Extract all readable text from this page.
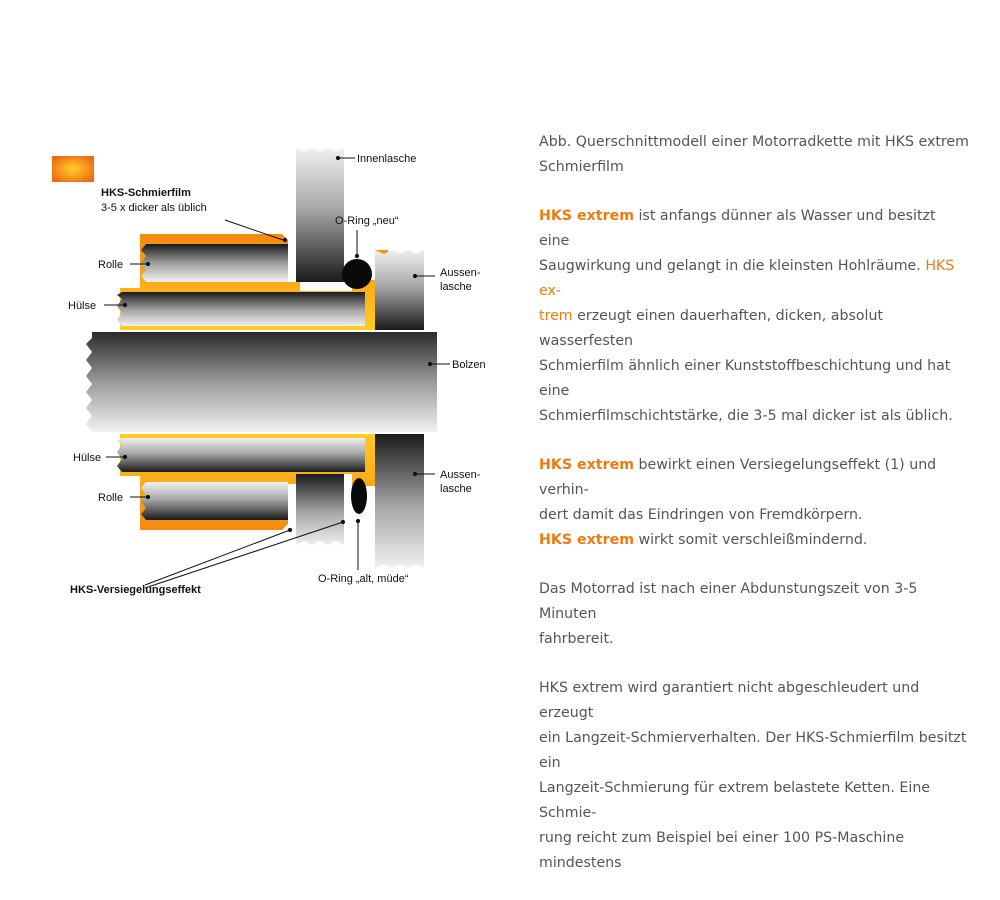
Innenlasche
HKS-Schmierfilm
3-5 x dicker als üblich
O-Ring „neu“
Rolle
Aussen-
lasche
Hülse
Bolzen
Hülse
Aussen-
lasche
Rolle
HKS-Versiegelungseffekt
O-Ring „alt, müde“

Abb. Querschnittmodell einer Motorradkette mit HKS extrem
Schmierfilm

HKS extrem ist anfangs dünner als Wasser und besitzt eine
Saugwirkung und gelangt in die kleinsten Hohlräume. HKS ex-
trem erzeugt einen dauerhaften, dicken, absolut wasserfesten
Schmierfilm ähnlich einer Kunststoffbeschichtung und hat eine
Schmierfilmschichtstärke, die 3-5 mal dicker ist als üblich.

HKS extrem bewirkt einen Versiegelungseffekt (1) und verhin-
dert damit das Eindringen von Fremdkörpern.
HKS extrem wirkt somit verschleißmindernd.

Das Motorrad ist nach einer Abdunstungszeit von 3-5 Minuten
fahrbereit.

HKS extrem wird garantiert nicht abgeschleudert und erzeugt
ein Langzeit-Schmierverhalten. Der HKS-Schmierfilm besitzt ein
Langzeit-Schmierung für extrem belastete Ketten. Eine Schmie-
rung reicht zum Beispiel bei einer 100 PS-Maschine mindestens
